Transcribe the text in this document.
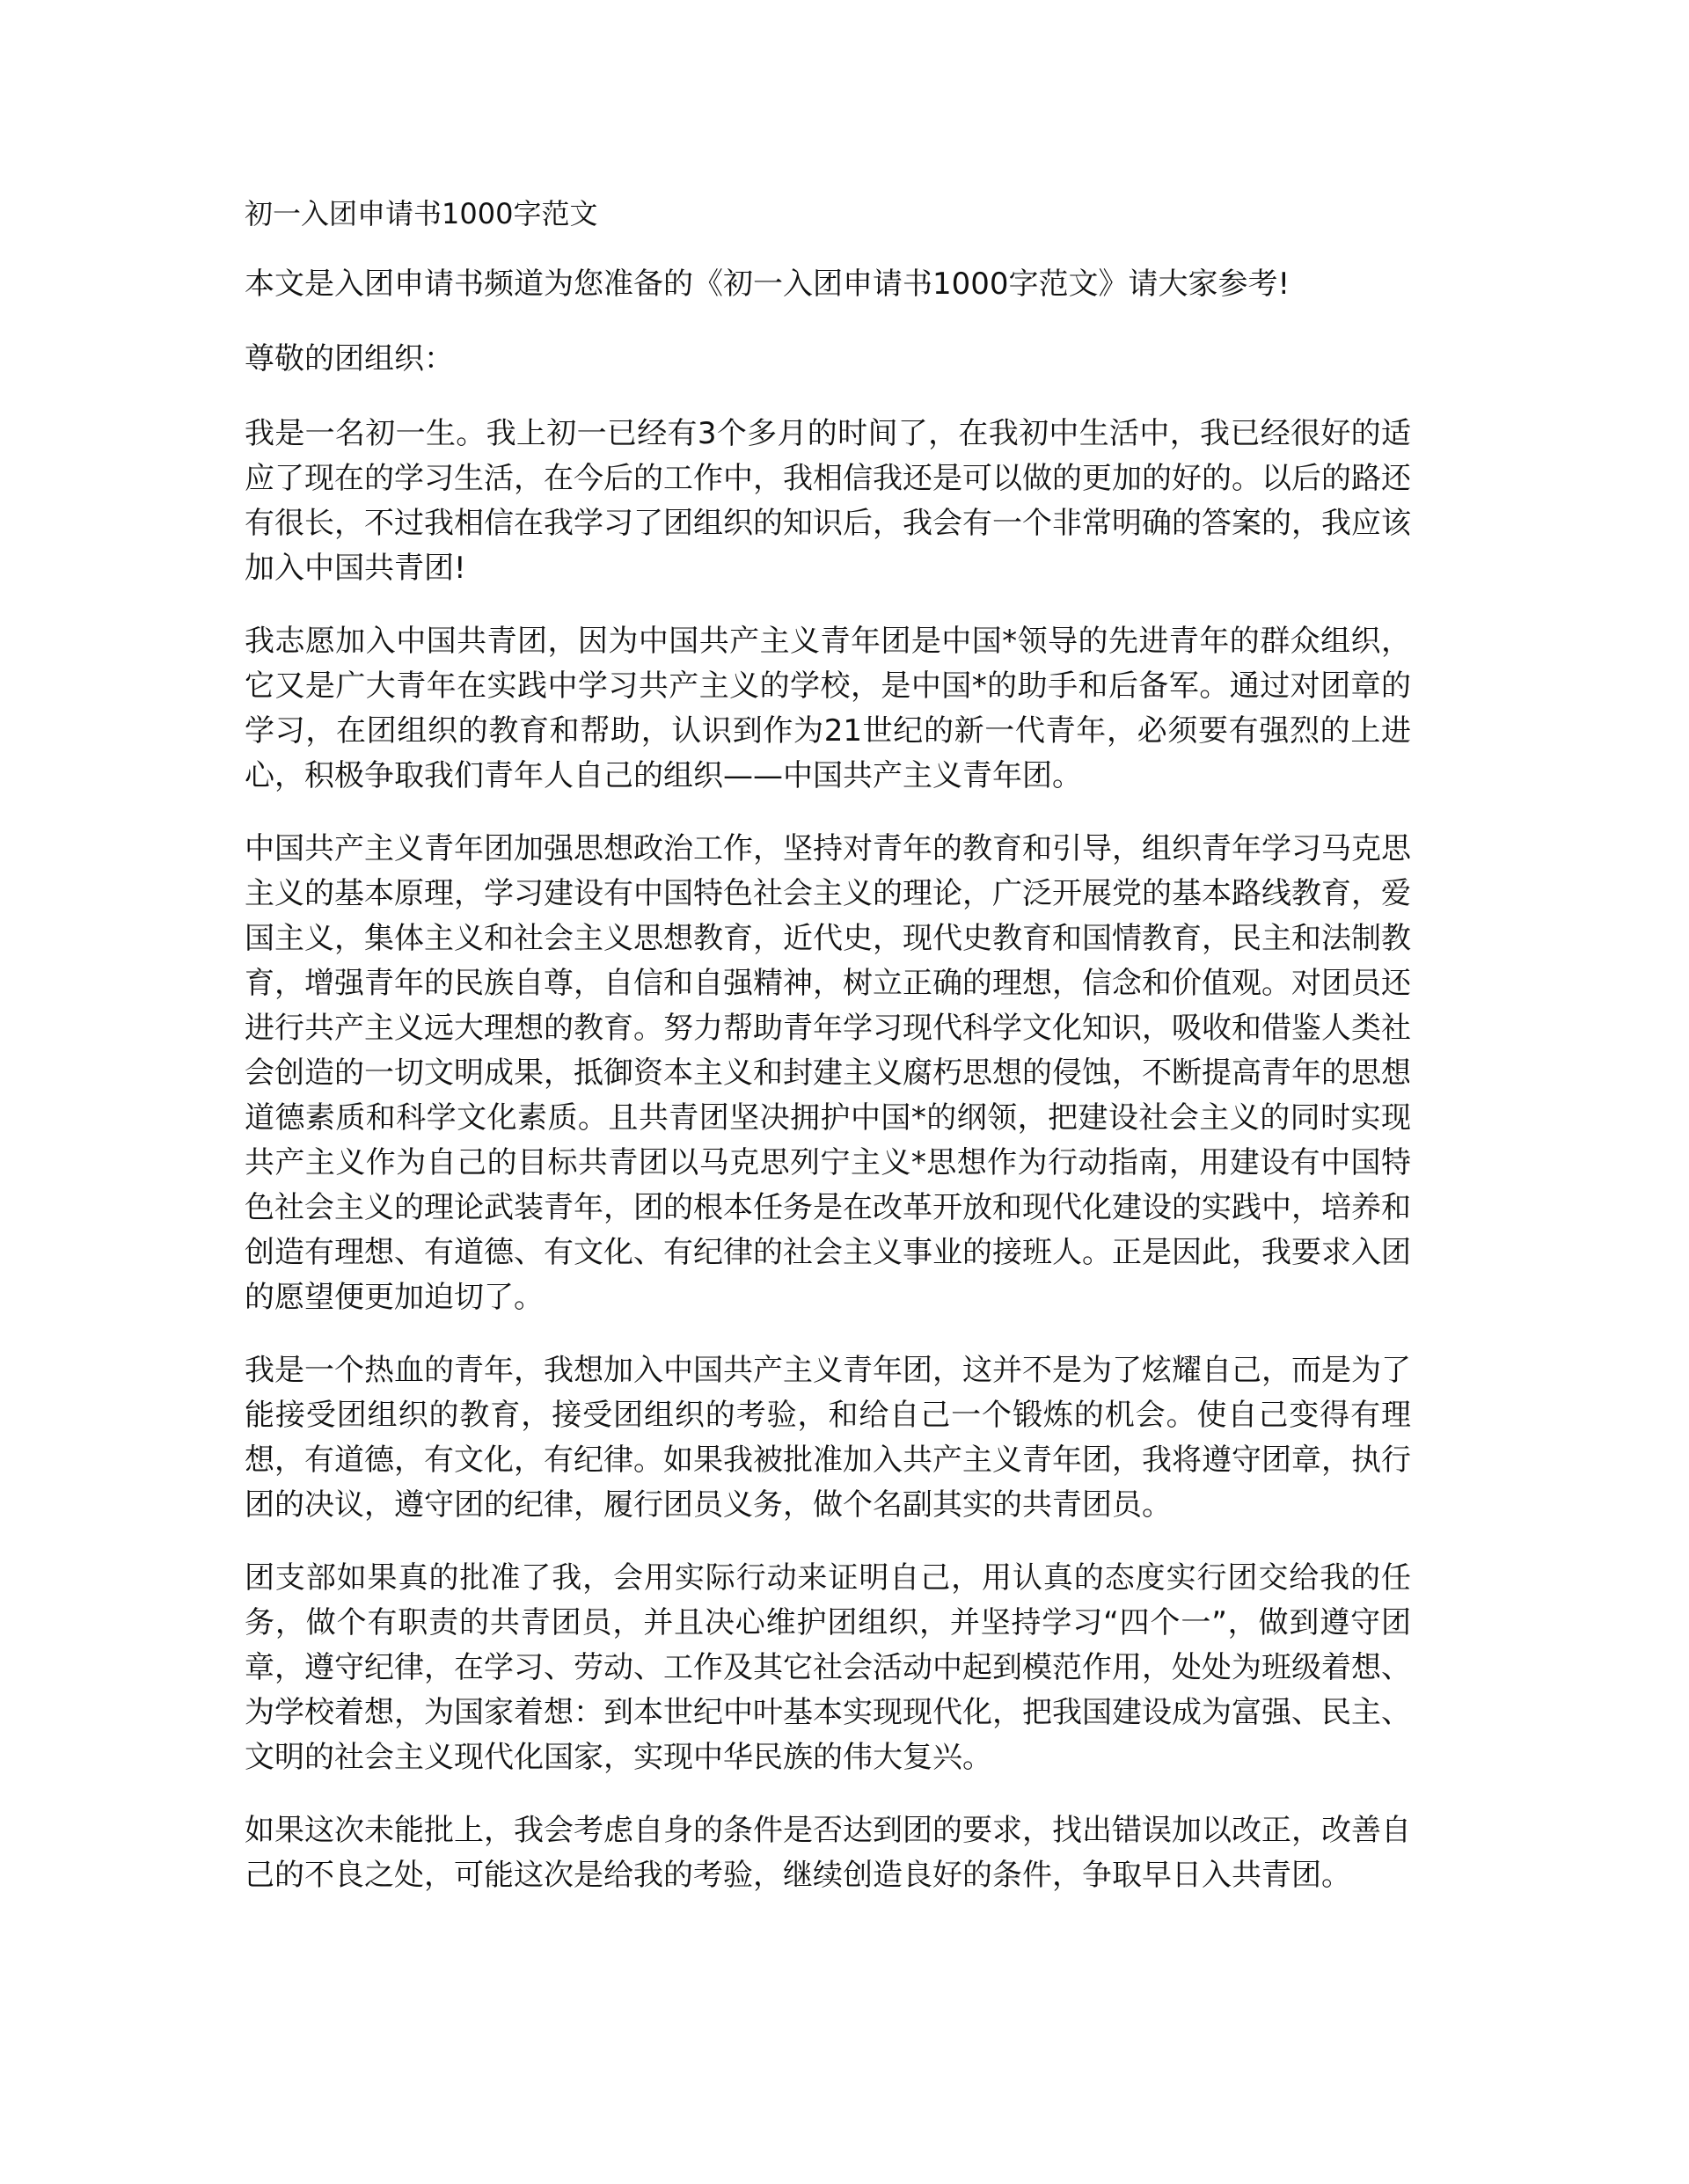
初一入团申请书1000字范文

本文是入团申请书频道为您准备的《初一入团申请书1000字范文》请大家参考!

尊敬的团组织：

我是一名初一生。我上初一已经有3个多月的时间了，在我初中生活中，我已经很好的适应了现在的学习生活，在今后的工作中，我相信我还是可以做的更加的好的。以后的路还有很长，不过我相信在我学习了团组织的知识后，我会有一个非常明确的答案的，我应该加入中国共青团!

我志愿加入中国共青团，因为中国共产主义青年团是中国*领导的先进青年的群众组织，它又是广大青年在实践中学习共产主义的学校，是中国*的助手和后备军。通过对团章的学习，在团组织的教育和帮助，认识到作为21世纪的新一代青年，必须要有强烈的上进心，积极争取我们青年人自己的组织——中国共产主义青年团。

中国共产主义青年团加强思想政治工作，坚持对青年的教育和引导，组织青年学习马克思主义的基本原理，学习建设有中国特色社会主义的理论，广泛开展党的基本路线教育，爱国主义，集体主义和社会主义思想教育，近代史，现代史教育和国情教育，民主和法制教育，增强青年的民族自尊，自信和自强精神，树立正确的理想，信念和价值观。对团员还进行共产主义远大理想的教育。努力帮助青年学习现代科学文化知识，吸收和借鉴人类社会创造的一切文明成果，抵御资本主义和封建主义腐朽思想的侵蚀，不断提高青年的思想道德素质和科学文化素质。且共青团坚决拥护中国*的纲领，把建设社会主义的同时实现共产主义作为自己的目标共青团以马克思列宁主义*思想作为行动指南，用建设有中国特色社会主义的理论武装青年，团的根本任务是在改革开放和现代化建设的实践中，培养和创造有理想、有道德、有文化、有纪律的社会主义事业的接班人。正是因此，我要求入团的愿望便更加迫切了。

我是一个热血的青年，我想加入中国共产主义青年团，这并不是为了炫耀自己，而是为了能接受团组织的教育，接受团组织的考验，和给自己一个锻炼的机会。使自己变得有理想，有道德，有文化，有纪律。如果我被批准加入共产主义青年团，我将遵守团章，执行团的决议，遵守团的纪律，履行团员义务，做个名副其实的共青团员。

团支部如果真的批准了我，会用实际行动来证明自己，用认真的态度实行团交给我的任务，做个有职责的共青团员，并且决心维护团组织，并坚持学习“四个一”，做到遵守团章，遵守纪律，在学习、劳动、工作及其它社会活动中起到模范作用，处处为班级着想、为学校着想，为国家着想：到本世纪中叶基本实现现代化，把我国建设成为富强、民主、文明的社会主义现代化国家，实现中华民族的伟大复兴。

如果这次未能批上，我会考虑自身的条件是否达到团的要求，找出错误加以改正，改善自己的不良之处，可能这次是给我的考验，继续创造良好的条件，争取早日入共青团。
